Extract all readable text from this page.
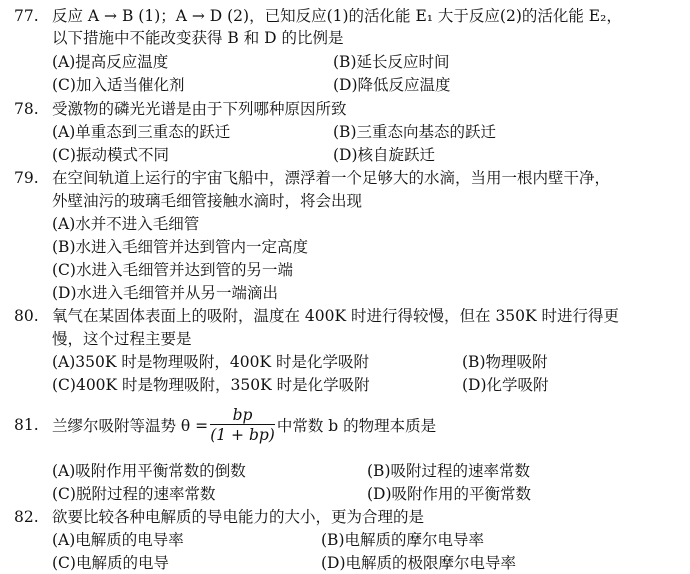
77. 反应 A → B (1)；A → D (2)，已知反应(1)的活化能 E₁ 大于反应(2)的活化能 E₂，
以下措施中不能改变获得 B 和 D 的比例是
(A)提高反应温度	(B)延长反应时间
(C)加入适当催化剂	(D)降低反应温度
78. 受激物的磷光光谱是由于下列哪种原因所致
(A)单重态到三重态的跃迁	(B)三重态向基态的跃迁
(C)振动模式不同	(D)核自旋跃迁
79. 在空间轨道上运行的宇宙飞船中，漂浮着一个足够大的水滴，当用一根内壁干净，
外壁油污的玻璃毛细管接触水滴时，将会出现
(A)水并不进入毛细管
(B)水进入毛细管并达到管内一定高度
(C)水进入毛细管并达到管的另一端
(D)水进入毛细管并从另一端滴出
80. 氧气在某固体表面上的吸附，温度在 400K 时进行得较慢，但在 350K 时进行得更
慢，这个过程主要是
(A)350K 时是物理吸附，400K 时是化学吸附	(B)物理吸附
(C)400K 时是物理吸附，350K 时是化学吸附	(D)化学吸附
81. 兰缪尔吸附等温势 $\theta = \frac{bp}{(1 + bp)}$ 中常数 b 的物理本质是
(A)吸附作用平衡常数的倒数	(B)吸附过程的速率常数
(C)脱附过程的速率常数	(D)吸附作用的平衡常数
82. 欲要比较各种电解质的导电能力的大小，更为合理的是
(A)电解质的电导率	(B)电解质的摩尔电导率
(C)电解质的电导	(D)电解质的极限摩尔电导率
